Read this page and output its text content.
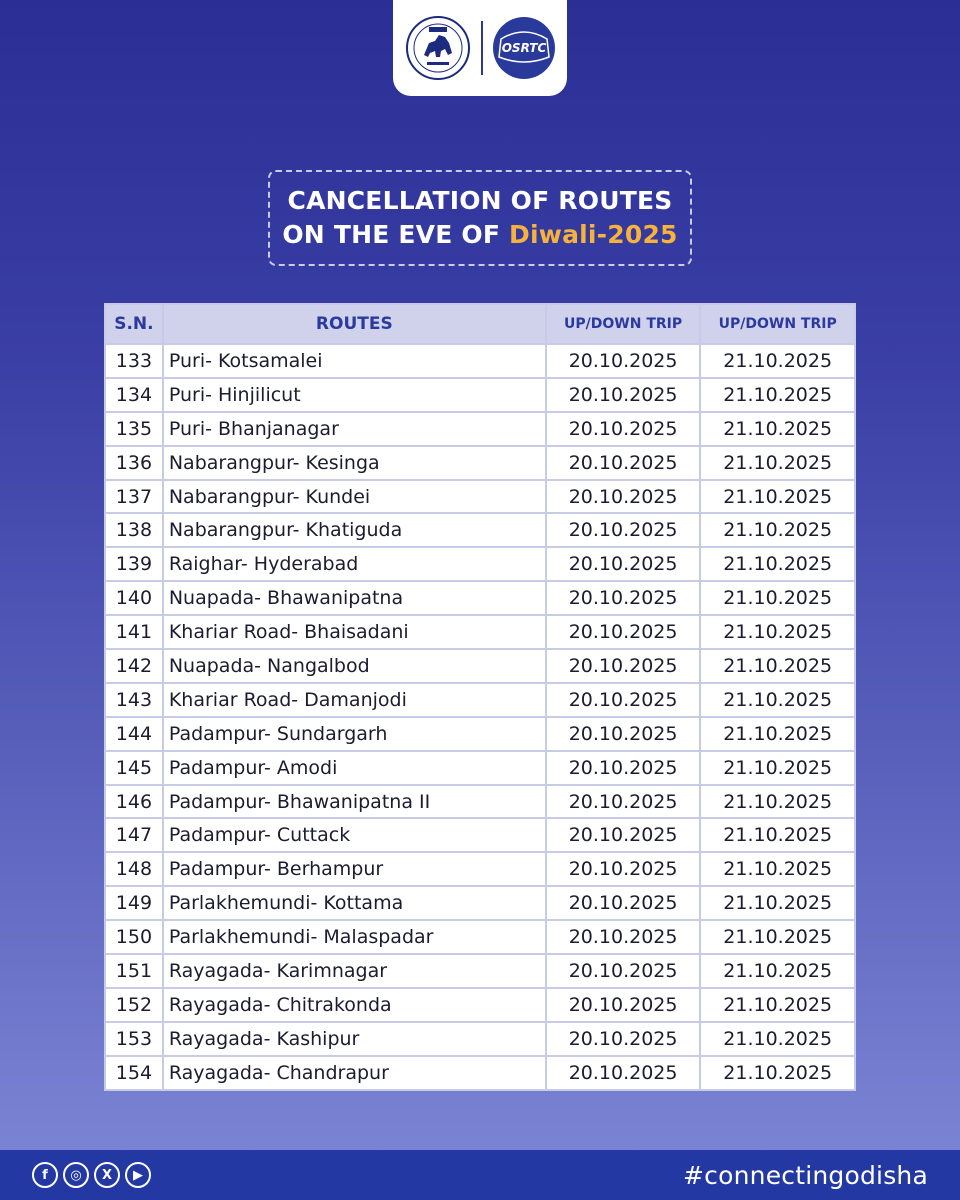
OSRTC
CANCELLATION OF ROUTES
ON THE EVE OF Diwali-2025
S.N.	ROUTES	UP/DOWN TRIP	UP/DOWN TRIP
133	Puri- Kotsamalei	20.10.2025	21.10.2025
134	Puri- Hinjilicut	20.10.2025	21.10.2025
135	Puri- Bhanjanagar	20.10.2025	21.10.2025
136	Nabarangpur- Kesinga	20.10.2025	21.10.2025
137	Nabarangpur- Kundei	20.10.2025	21.10.2025
138	Nabarangpur- Khatiguda	20.10.2025	21.10.2025
139	Raighar- Hyderabad	20.10.2025	21.10.2025
140	Nuapada- Bhawanipatna	20.10.2025	21.10.2025
141	Khariar Road- Bhaisadani	20.10.2025	21.10.2025
142	Nuapada- Nangalbod	20.10.2025	21.10.2025
143	Khariar Road- Damanjodi	20.10.2025	21.10.2025
144	Padampur- Sundargarh	20.10.2025	21.10.2025
145	Padampur- Amodi	20.10.2025	21.10.2025
146	Padampur- Bhawanipatna II	20.10.2025	21.10.2025
147	Padampur- Cuttack	20.10.2025	21.10.2025
148	Padampur- Berhampur	20.10.2025	21.10.2025
149	Parlakhemundi- Kottama	20.10.2025	21.10.2025
150	Parlakhemundi- Malaspadar	20.10.2025	21.10.2025
151	Rayagada- Karimnagar	20.10.2025	21.10.2025
152	Rayagada- Chitrakonda	20.10.2025	21.10.2025
153	Rayagada- Kashipur	20.10.2025	21.10.2025
154	Rayagada- Chandrapur	20.10.2025	21.10.2025
f	◎	X	▶	#connectingodisha
